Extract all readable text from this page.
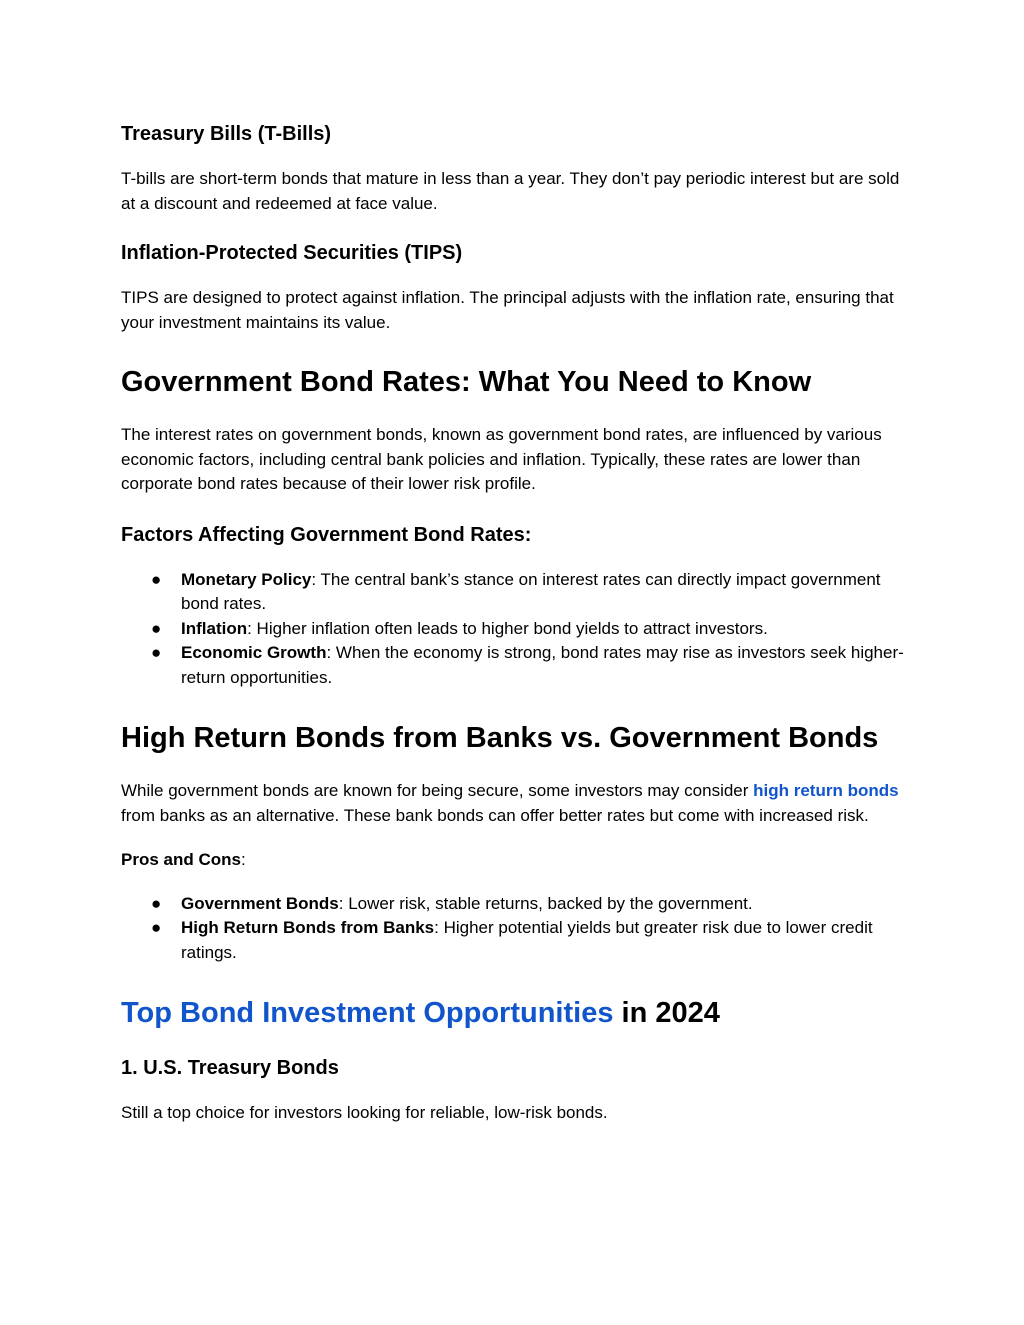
Treasury Bills (T-Bills)

T-bills are short-term bonds that mature in less than a year. They don’t pay periodic interest but are sold at a discount and redeemed at face value.

Inflation-Protected Securities (TIPS)

TIPS are designed to protect against inflation. The principal adjusts with the inflation rate, ensuring that your investment maintains its value.

Government Bond Rates: What You Need to Know

The interest rates on government bonds, known as government bond rates, are influenced by various economic factors, including central bank policies and inflation. Typically, these rates are lower than corporate bond rates because of their lower risk profile.

Factors Affecting Government Bond Rates:
● Monetary Policy: The central bank’s stance on interest rates can directly impact government bond rates.
● Inflation: Higher inflation often leads to higher bond yields to attract investors.
● Economic Growth: When the economy is strong, bond rates may rise as investors seek higher-return opportunities.
High Return Bonds from Banks vs. Government Bonds

While government bonds are known for being secure, some investors may consider high return bonds from banks as an alternative. These bank bonds can offer better rates but come with increased risk.

Pros and Cons:

● Government Bonds: Lower risk, stable returns, backed by the government.
● High Return Bonds from Banks: Higher potential yields but greater risk due to lower credit ratings.
Top Bond Investment Opportunities in 2024
1. U.S. Treasury Bonds

Still a top choice for investors looking for reliable, low-risk bonds.
